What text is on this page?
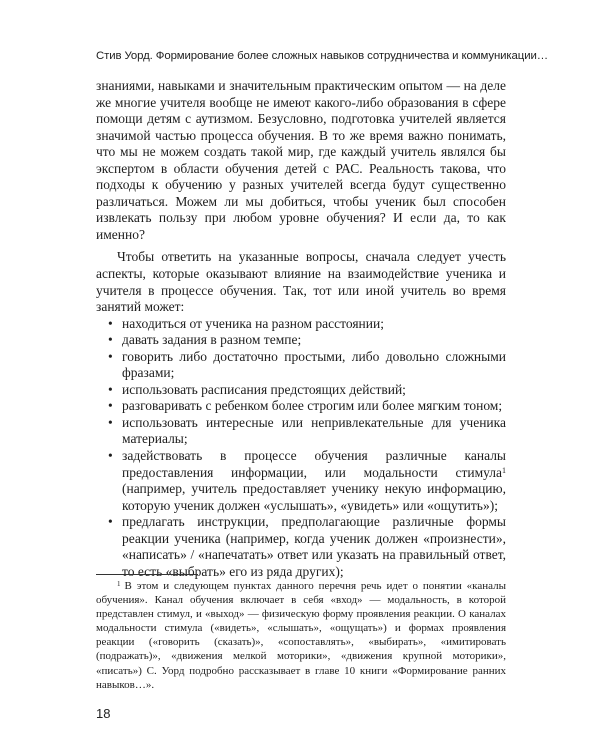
Стив Уорд. Формирование более сложных навыков сотрудничества и коммуникации…

знаниями, навыками и значительным практическим опытом — на деле же многие учителя вообще не имеют какого-либо образования в сфере помощи детям с аутизмом. Безусловно, подготовка учителей является значимой частью процесса обучения. В то же время важно понимать, что мы не можем создать такой мир, где каждый учитель являлся бы экспертом в области обучения детей с РАС. Реальность такова, что подходы к обучению у разных учителей всегда будут существенно различаться. Можем ли мы добиться, чтобы ученик был способен извлекать пользу при любом уровне обучения? И если да, то как именно?

Чтобы ответить на указанные вопросы, сначала следует учесть аспекты, которые оказывают влияние на взаимодействие ученика и учителя в процессе обучения. Так, тот или иной учитель во время занятий может:

• находиться от ученика на разном расстоянии;
• давать задания в разном темпе;
• говорить либо достаточно простыми, либо довольно сложными фразами;
• использовать расписания предстоящих действий;
• разговаривать с ребенком более строгим или более мягким тоном;
• использовать интересные или непривлекательные для ученика материалы;
• задействовать в процессе обучения различные каналы предоставления информации, или модальности стимула$^1$ (например, учитель предоставляет ученику некую информацию, которую ученик должен «услышать», «увидеть» или «ощутить»);
• предлагать инструкции, предполагающие различные формы реакции ученика (например, когда ученик должен «произнести», «написать» / «напечатать» ответ или указать на правильный ответ, то есть «выбрать» его из ряда других);
$^1$ В этом и следующем пунктах данного перечня речь идет о понятии «каналы обучения». Канал обучения включает в себя «вход» — модальность, в которой представлен стимул, и «выход» — физическую форму проявления реакции. О каналах модальности стимула («видеть», «слышать», «ощущать») и формах проявления реакции («говорить (сказать)», «сопоставлять», «выбирать», «имитировать (подражать)», «движения мелкой моторики», «движения крупной моторики», «писать») С. Уорд подробно рассказывает в главе 10 книги «Формирование ранних навыков…».
18
